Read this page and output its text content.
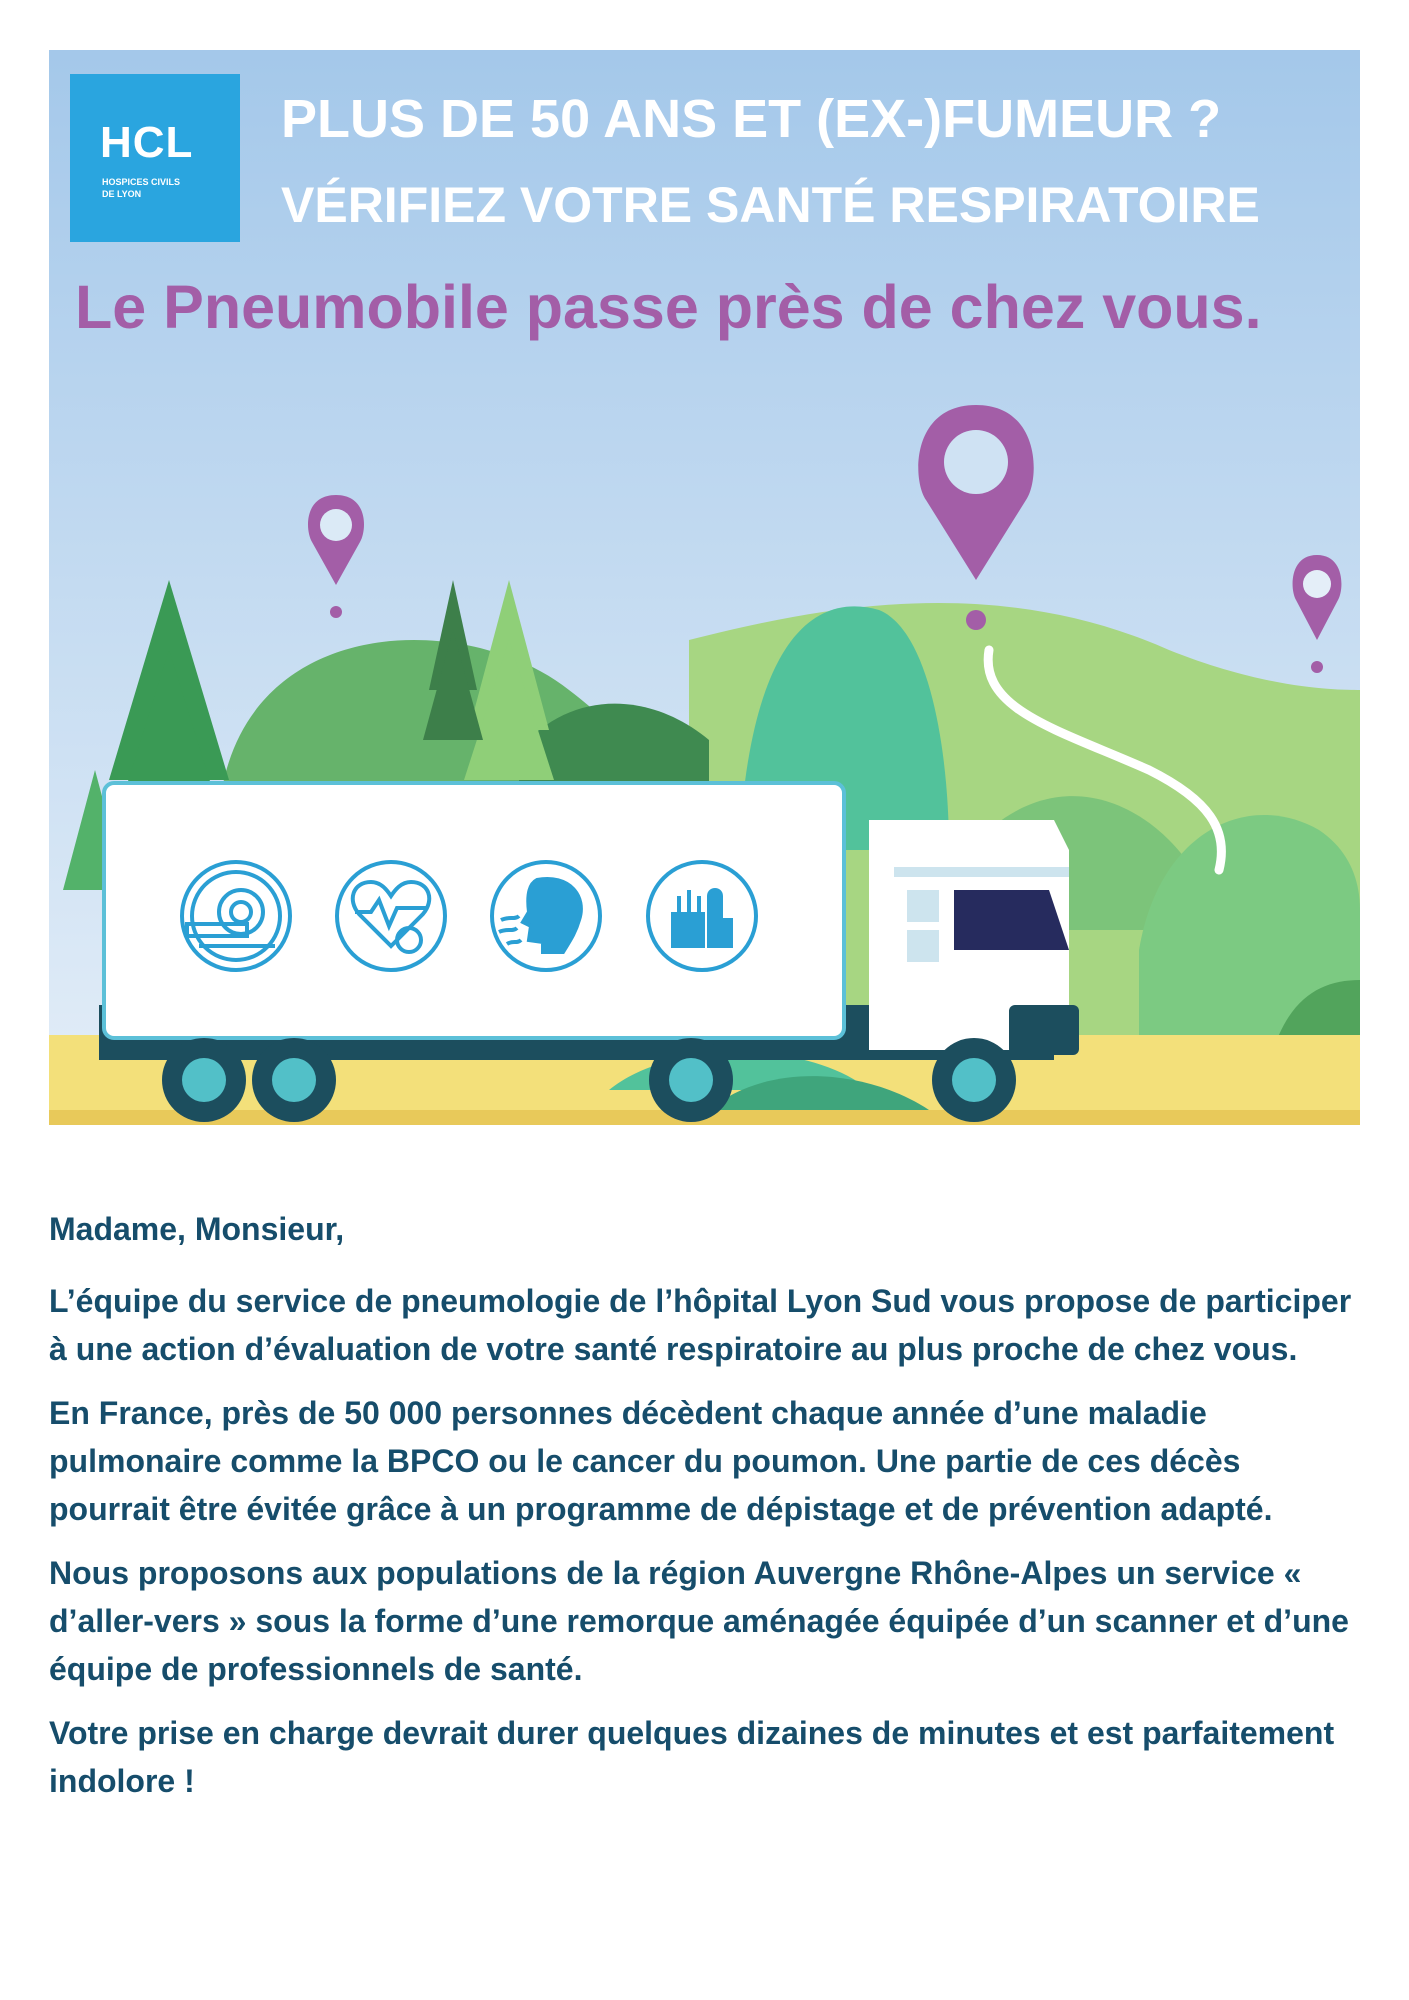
HCL
HOSPICES CIVILS
DE LYON
PLUS DE 50 ANS ET (EX-)FUMEUR ?
VÉRIFIEZ VOTRE SANTÉ RESPIRATOIRE
Le Pneumobile passe près de chez vous.

Madame, Monsieur,

L’équipe du service de pneumologie de l’hôpital Lyon Sud vous propose de participer à une action d’évaluation de votre santé respiratoire au plus proche de chez vous.

En France, près de 50 000 personnes décèdent chaque année d’une maladie pulmonaire comme la BPCO ou le cancer du poumon. Une partie de ces décès pourrait être évitée grâce à un programme de dépistage et de prévention adapté.

Nous proposons aux populations de la région Auvergne Rhône-Alpes un service « d’aller-vers » sous la forme d’une remorque aménagée équipée d’un scanner et d’une équipe de professionnels de santé.

Votre prise en charge devrait durer quelques dizaines de minutes et est parfaitement indolore !
